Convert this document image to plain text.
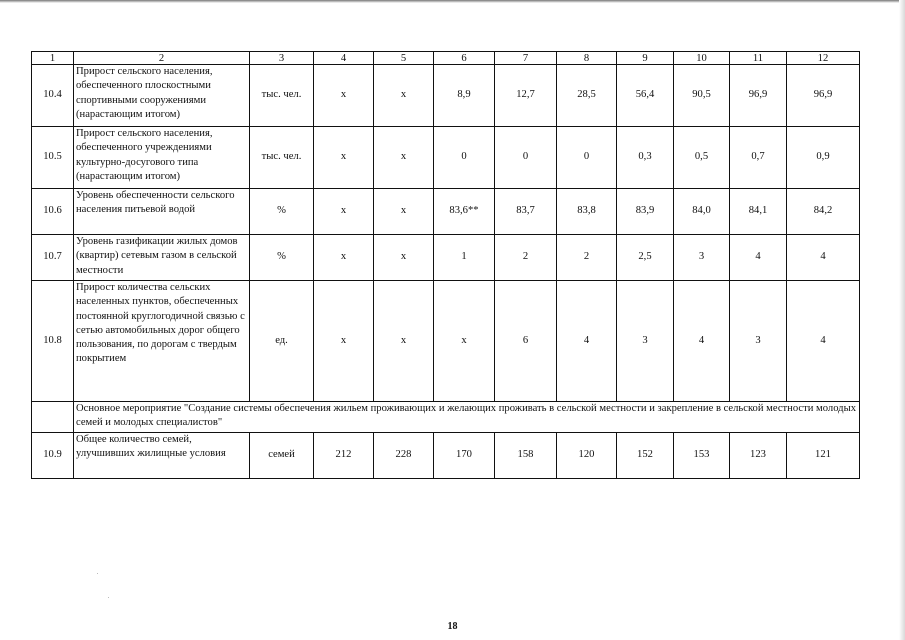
1	2	3	4	5	6	7	8	9	10	11	12
10.4	Прирост сельского населения, обеспеченного плоскостными спортивными сооружениями (нарастающим итогом)	тыс. чел.	x	x	8,9	12,7	28,5	56,4	90,5	96,9	96,9
10.5	Прирост сельского населения, обеспеченного учреждениями культурно-досугового типа (нарастающим итогом)	тыс. чел.	x	x	0	0	0	0,3	0,5	0,7	0,9
10.6	Уровень обеспеченности сельского населения питьевой водой	%	x	x	83,6**	83,7	83,8	83,9	84,0	84,1	84,2
10.7	Уровень газификации жилых домов (квартир) сетевым газом в сельской местности	%	x	x	1	2	2	2,5	3	4	4
10.8	Прирост количества сельских населенных пунктов, обеспеченных постоянной круглогодичной связью с сетью автомобильных дорог общего пользования, по дорогам с твердым покрытием	ед.	x	x	x	6	4	3	4	3	4
	Основное мероприятие "Создание системы обеспечения жильем проживающих и желающих проживать в сельской местности и закрепление в сельской местности молодых семей и молодых специалистов"										
10.9	Общее количество семей, улучшивших жилищные условия	семей	212	228	170	158	120	152	153	123	121
18
